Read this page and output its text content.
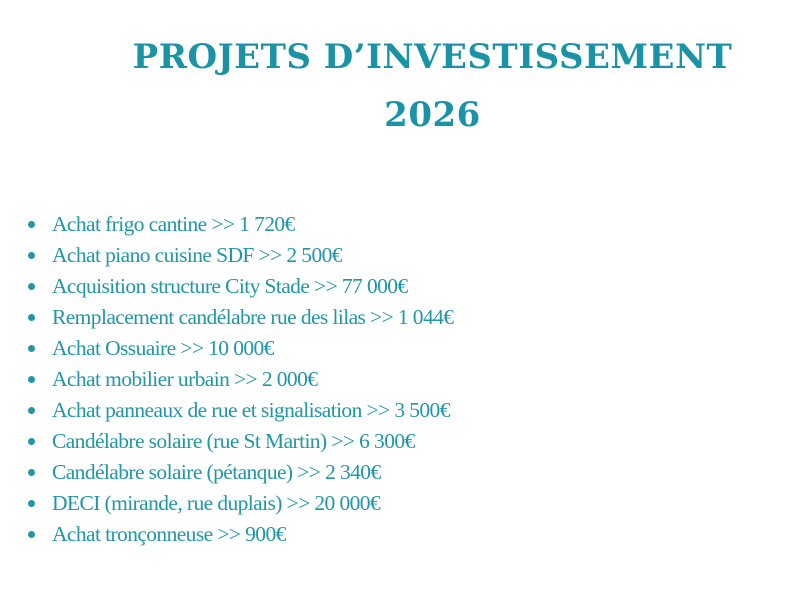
PROJETS D’INVESTISSEMENT
2026
Achat frigo cantine >> 1 720€
Achat piano cuisine SDF >> 2 500€
Acquisition structure City Stade >> 77 000€
Remplacement candélabre rue des lilas >> 1 044€
Achat Ossuaire >> 10 000€
Achat mobilier urbain >> 2 000€
Achat panneaux de rue et signalisation >> 3 500€
Candélabre solaire (rue St Martin) >> 6 300€
Candélabre solaire (pétanque) >> 2 340€
DECI (mirande, rue duplais) >> 20 000€
Achat tronçonneuse >> 900€
